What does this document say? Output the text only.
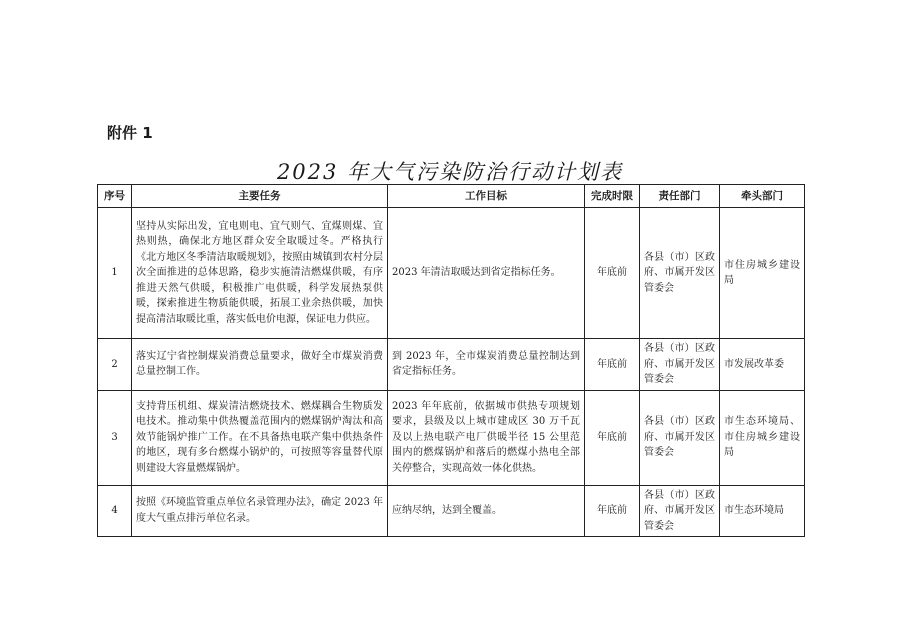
附件 1
2023 年大气污染防治行动计划表
序号	主要任务	工作目标	完成时限	责任部门	牵头部门
1	坚持从实际出发，宜电则电、宜气则气、宜煤则煤、宜热则热，确保北方地区群众安全取暖过冬。严格执行《北方地区冬季清洁取暖规划》，按照由城镇到农村分层次全面推进的总体思路，稳步实施清洁燃煤供暖，有序推进天然气供暖，积极推广电供暖，科学发展热泵供暖，探索推进生物质能供暖，拓展工业余热供暖，加快提高清洁取暖比重，落实低电价电源，保证电力供应。	2023 年清洁取暖达到省定指标任务。	年底前	各县（市）区政府、市属开发区管委会	市住房城乡建设局
2	落实辽宁省控制煤炭消费总量要求，做好全市煤炭消费总量控制工作。	到 2023 年，全市煤炭消费总量控制达到省定指标任务。	年底前	各县（市）区政府、市属开发区管委会	市发展改革委
3	支持背压机组、煤炭清洁燃烧技术、燃煤耦合生物质发电技术。推动集中供热覆盖范围内的燃煤锅炉淘汰和高效节能锅炉推广工作。在不具备热电联产集中供热条件的地区，现有多台燃煤小锅炉的，可按照等容量替代原则建设大容量燃煤锅炉。	2023 年年底前，依据城市供热专项规划要求，县级及以上城市建成区 30 万千瓦及以上热电联产电厂供暖半径 15 公里范围内的燃煤锅炉和落后的燃煤小热电全部关停整合，实现高效一体化供热。	年底前	各县（市）区政府、市属开发区管委会	市生态环境局、市住房城乡建设局
4	按照《环境监管重点单位名录管理办法》，确定 2023 年度大气重点排污单位名录。	应纳尽纳，达到全覆盖。	年底前	各县（市）区政府、市属开发区管委会	市生态环境局
